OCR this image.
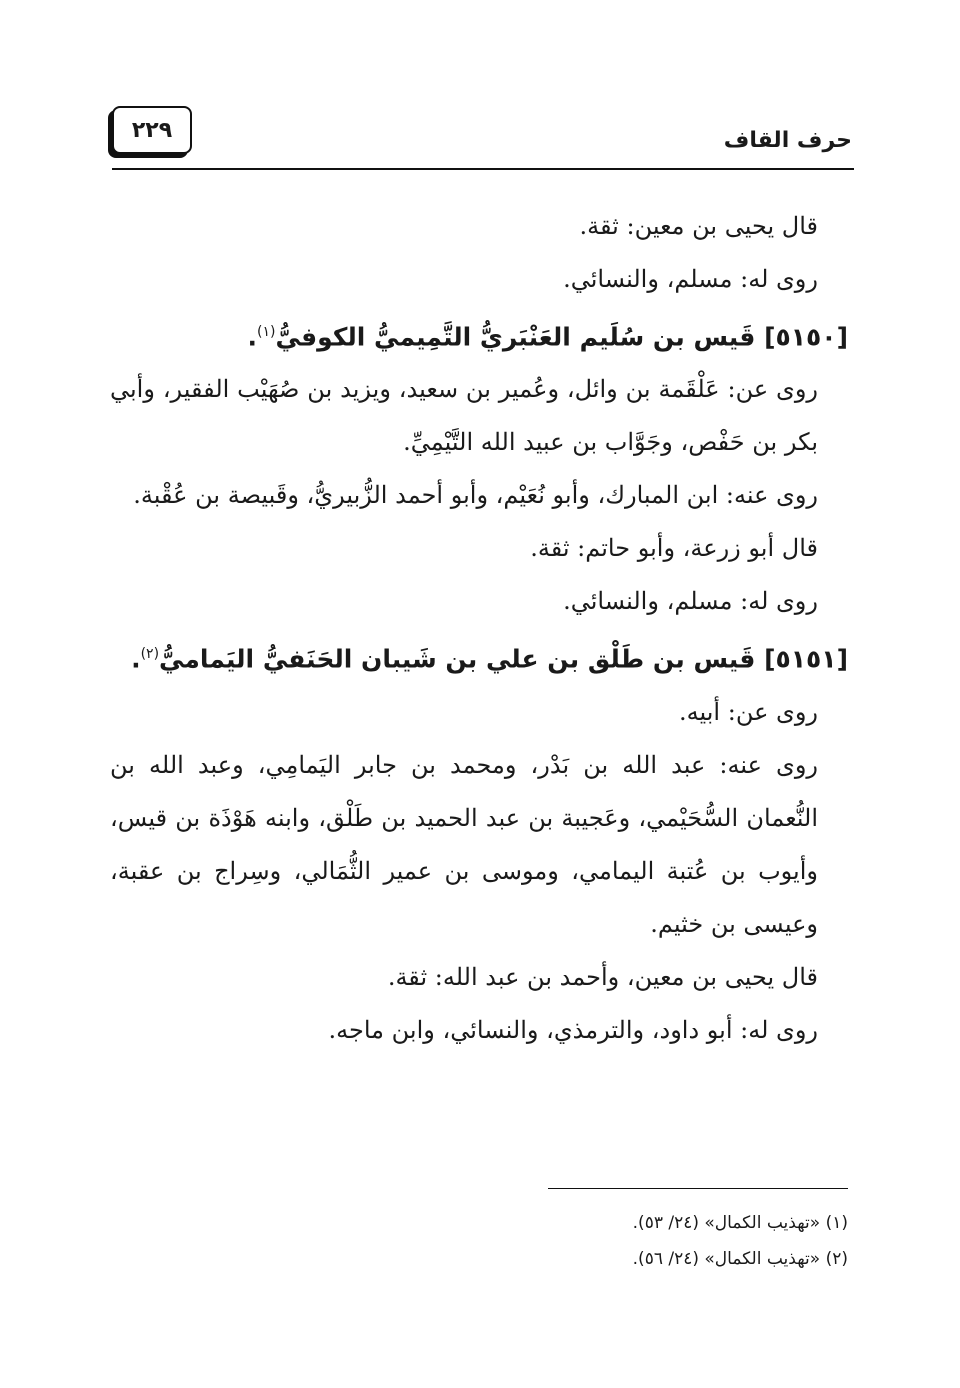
حرف القاف
٢٢٩

قال يحيى بن معين: ثقة.

روى له: مسلم، والنسائي.

[٥١٥٠] قَيس بن سُلَيم العَنْبَريُّ التَّمِيميُّ الكوفيُّ$^{(١)}$.

روى عن: عَلْقَمة بن وائل، وعُمير بن سعيد، ويزيد بن صُهَيْب الفقير، وأبي بكر بن حَفْص، وجَوَّاب بن عبيد الله التَّيْمِيِّ.

روى عنه: ابن المبارك، وأبو نُعَيْم، وأبو أحمد الزُّبيريُّ، وقَبيصة بن عُقْبة.

قال أبو زرعة، وأبو حاتم: ثقة.

روى له: مسلم، والنسائي.

[٥١٥١] قَيس بن طَلْق بن علي بن شَيبان الحَنَفيُّ اليَماميُّ$^{(٢)}$.

روى عن: أبيه.

روى عنه: عبد الله بن بَدْر، ومحمد بن جابر اليَمامِي، وعبد الله بن النُّعمان السُّحَيْمي، وعَجيبة بن عبد الحميد بن طَلْق، وابنه هَوْذَة بن قيس، وأيوب بن عُتبة اليمامي، وموسى بن عمير الثُّمَالي، وسِراج بن عقبة، وعيسى بن خثيم.

قال يحيى بن معين، وأحمد بن عبد الله: ثقة.

روى له: أبو داود، والترمذي، والنسائي، وابن ماجه.

(١) «تهذيب الكمال» (٢٤/ ٥٣).

(٢) «تهذيب الكمال» (٢٤/ ٥٦).
